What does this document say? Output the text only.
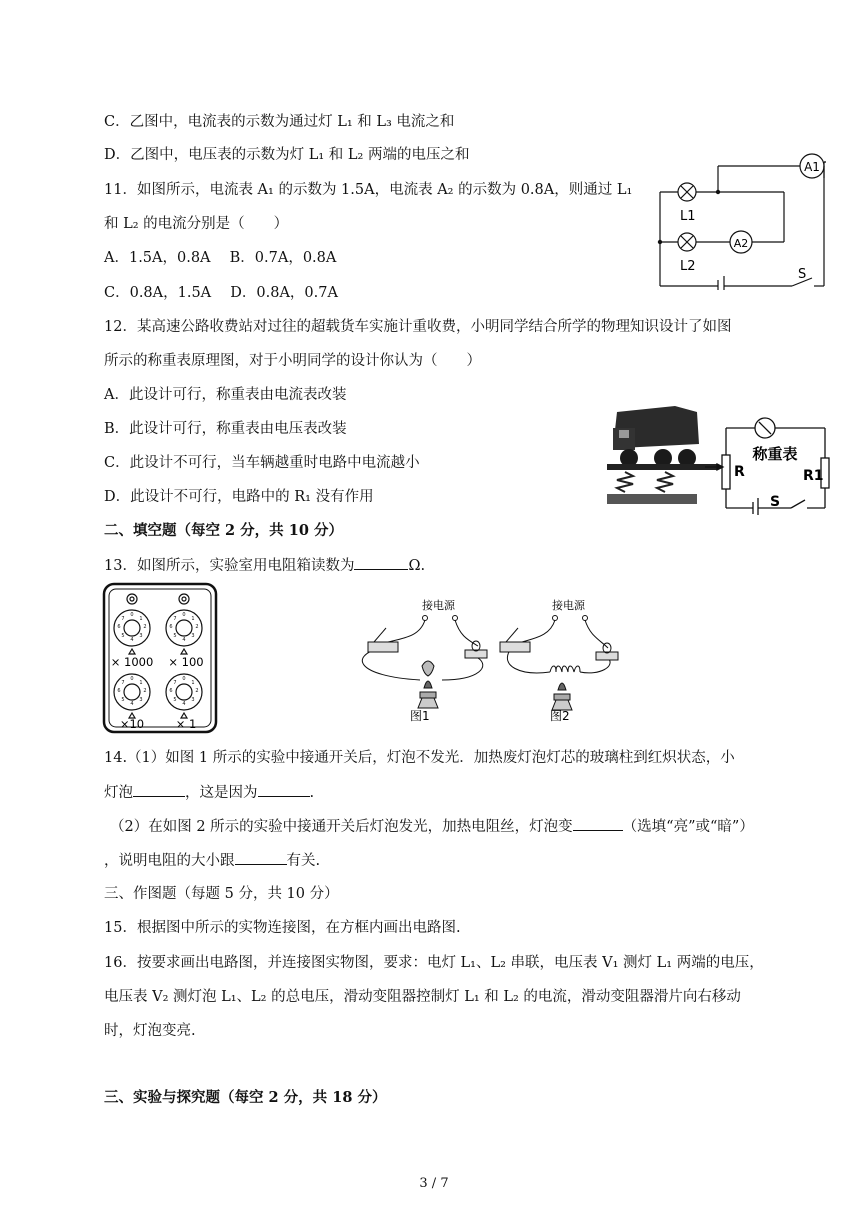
C．乙图中，电流表的示数为通过灯 L₁ 和 L₃ 电流之和
D．乙图中，电压表的示数为灯 L₁ 和 L₂ 两端的电压之和
11．如图所示，电流表 A₁ 的示数为 1.5A，电流表 A₂ 的示数为 0.8A，则通过 L₁
和 L₂ 的电流分别是（　　）
A．1.5A，0.8A　 B．0.7A，0.8A
C．0.8A，1.5A　 D．0.8A，0.7A
12．某高速公路收费站对过往的超载货车实施计重收费，小明同学结合所学的物理知识设计了如图
所示的称重表原理图，对于小明同学的设计你认为（　　）
A．此设计可行，称重表由电流表改装
B．此设计可行，称重表由电压表改装
C．此设计不可行，当车辆越重时电路中电流越小
D．此设计不可行，电路中的 R₁ 没有作用
二、填空题（每空 2 分，共 10 分）
13．如图所示，实验室用电阻箱读数为	Ω.
14.（1）如图 1 所示的实验中接通开关后，灯泡不发光．加热废灯泡灯芯的玻璃柱到红炽状态，小
灯泡	，这是因为	.
（2）在如图 2 所示的实验中接通开关后灯泡发光，加热电阻丝，灯泡变	（选填“亮”或“暗”）
，说明电阻的大小跟	有关.
三、作图题（每题 5 分，共 10 分）
15．根据图中所示的实物连接图，在方框内画出电路图.
16．按要求画出电路图，并连接图实物图，要求：电灯 L₁、L₂ 串联，电压表 V₁ 测灯 L₁ 两端的电压，
电压表 V₂ 测灯泡 L₁、L₂ 的总电压，滑动变阻器控制灯 L₁ 和 L₂ 的电流，滑动变阻器滑片向右移动
时，灯泡变亮.
三、实验与探究题（每空 2 分，共 18 分）
A1
A2
L1
L2
S
称重表
R	R1
S
0
1
2
3
4
5
6
7
0
1
2
3
4
5
6
7
0
1
2
3
4
5
6
7
0
1
2
3
4
5
6
7
× 1000 × 100
×10	× 1
接电源	接电源
图1	图2
3 / 7
